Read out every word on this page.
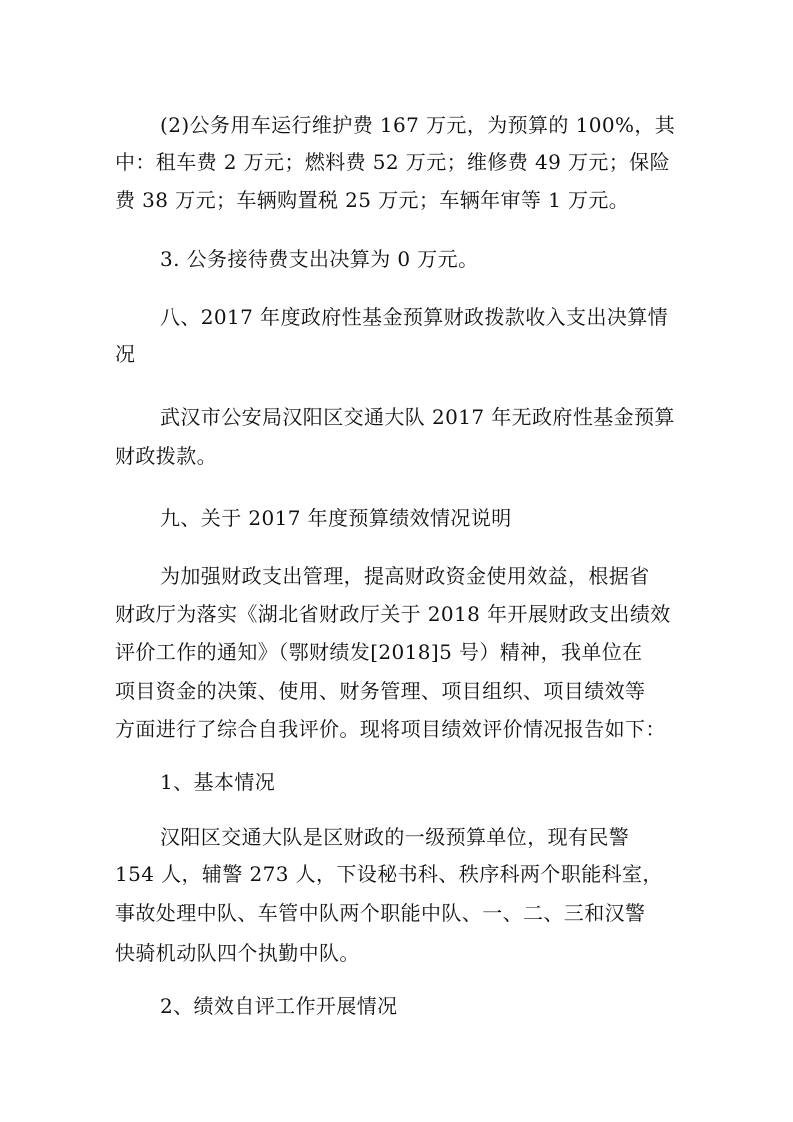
(2)公务用车运行维护费 167 万元，为预算的 100%，其

中：租车费 2 万元；燃料费 52 万元；维修费 49 万元；保险

费 38 万元；车辆购置税 25 万元；车辆年审等 1 万元。

3. 公务接待费支出决算为 0 万元。

八、2017 年度政府性基金预算财政拨款收入支出决算情

况

武汉市公安局汉阳区交通大队 2017 年无政府性基金预算

财政拨款。

九、关于 2017 年度预算绩效情况说明

为加强财政支出管理，提高财政资金使用效益，根据省

财政厅为落实《湖北省财政厅关于 2018 年开展财政支出绩效

评价工作的通知》（鄂财绩发[2018]5 号）精神，我单位在

项目资金的决策、使用、财务管理、项目组织、项目绩效等

方面进行了综合自我评价。现将项目绩效评价情况报告如下：

1、基本情况

汉阳区交通大队是区财政的一级预算单位，现有民警

154 人，辅警 273 人，下设秘书科、秩序科两个职能科室，

事故处理中队、车管中队两个职能中队、一、二、三和汉警

快骑机动队四个执勤中队。

2、绩效自评工作开展情况
